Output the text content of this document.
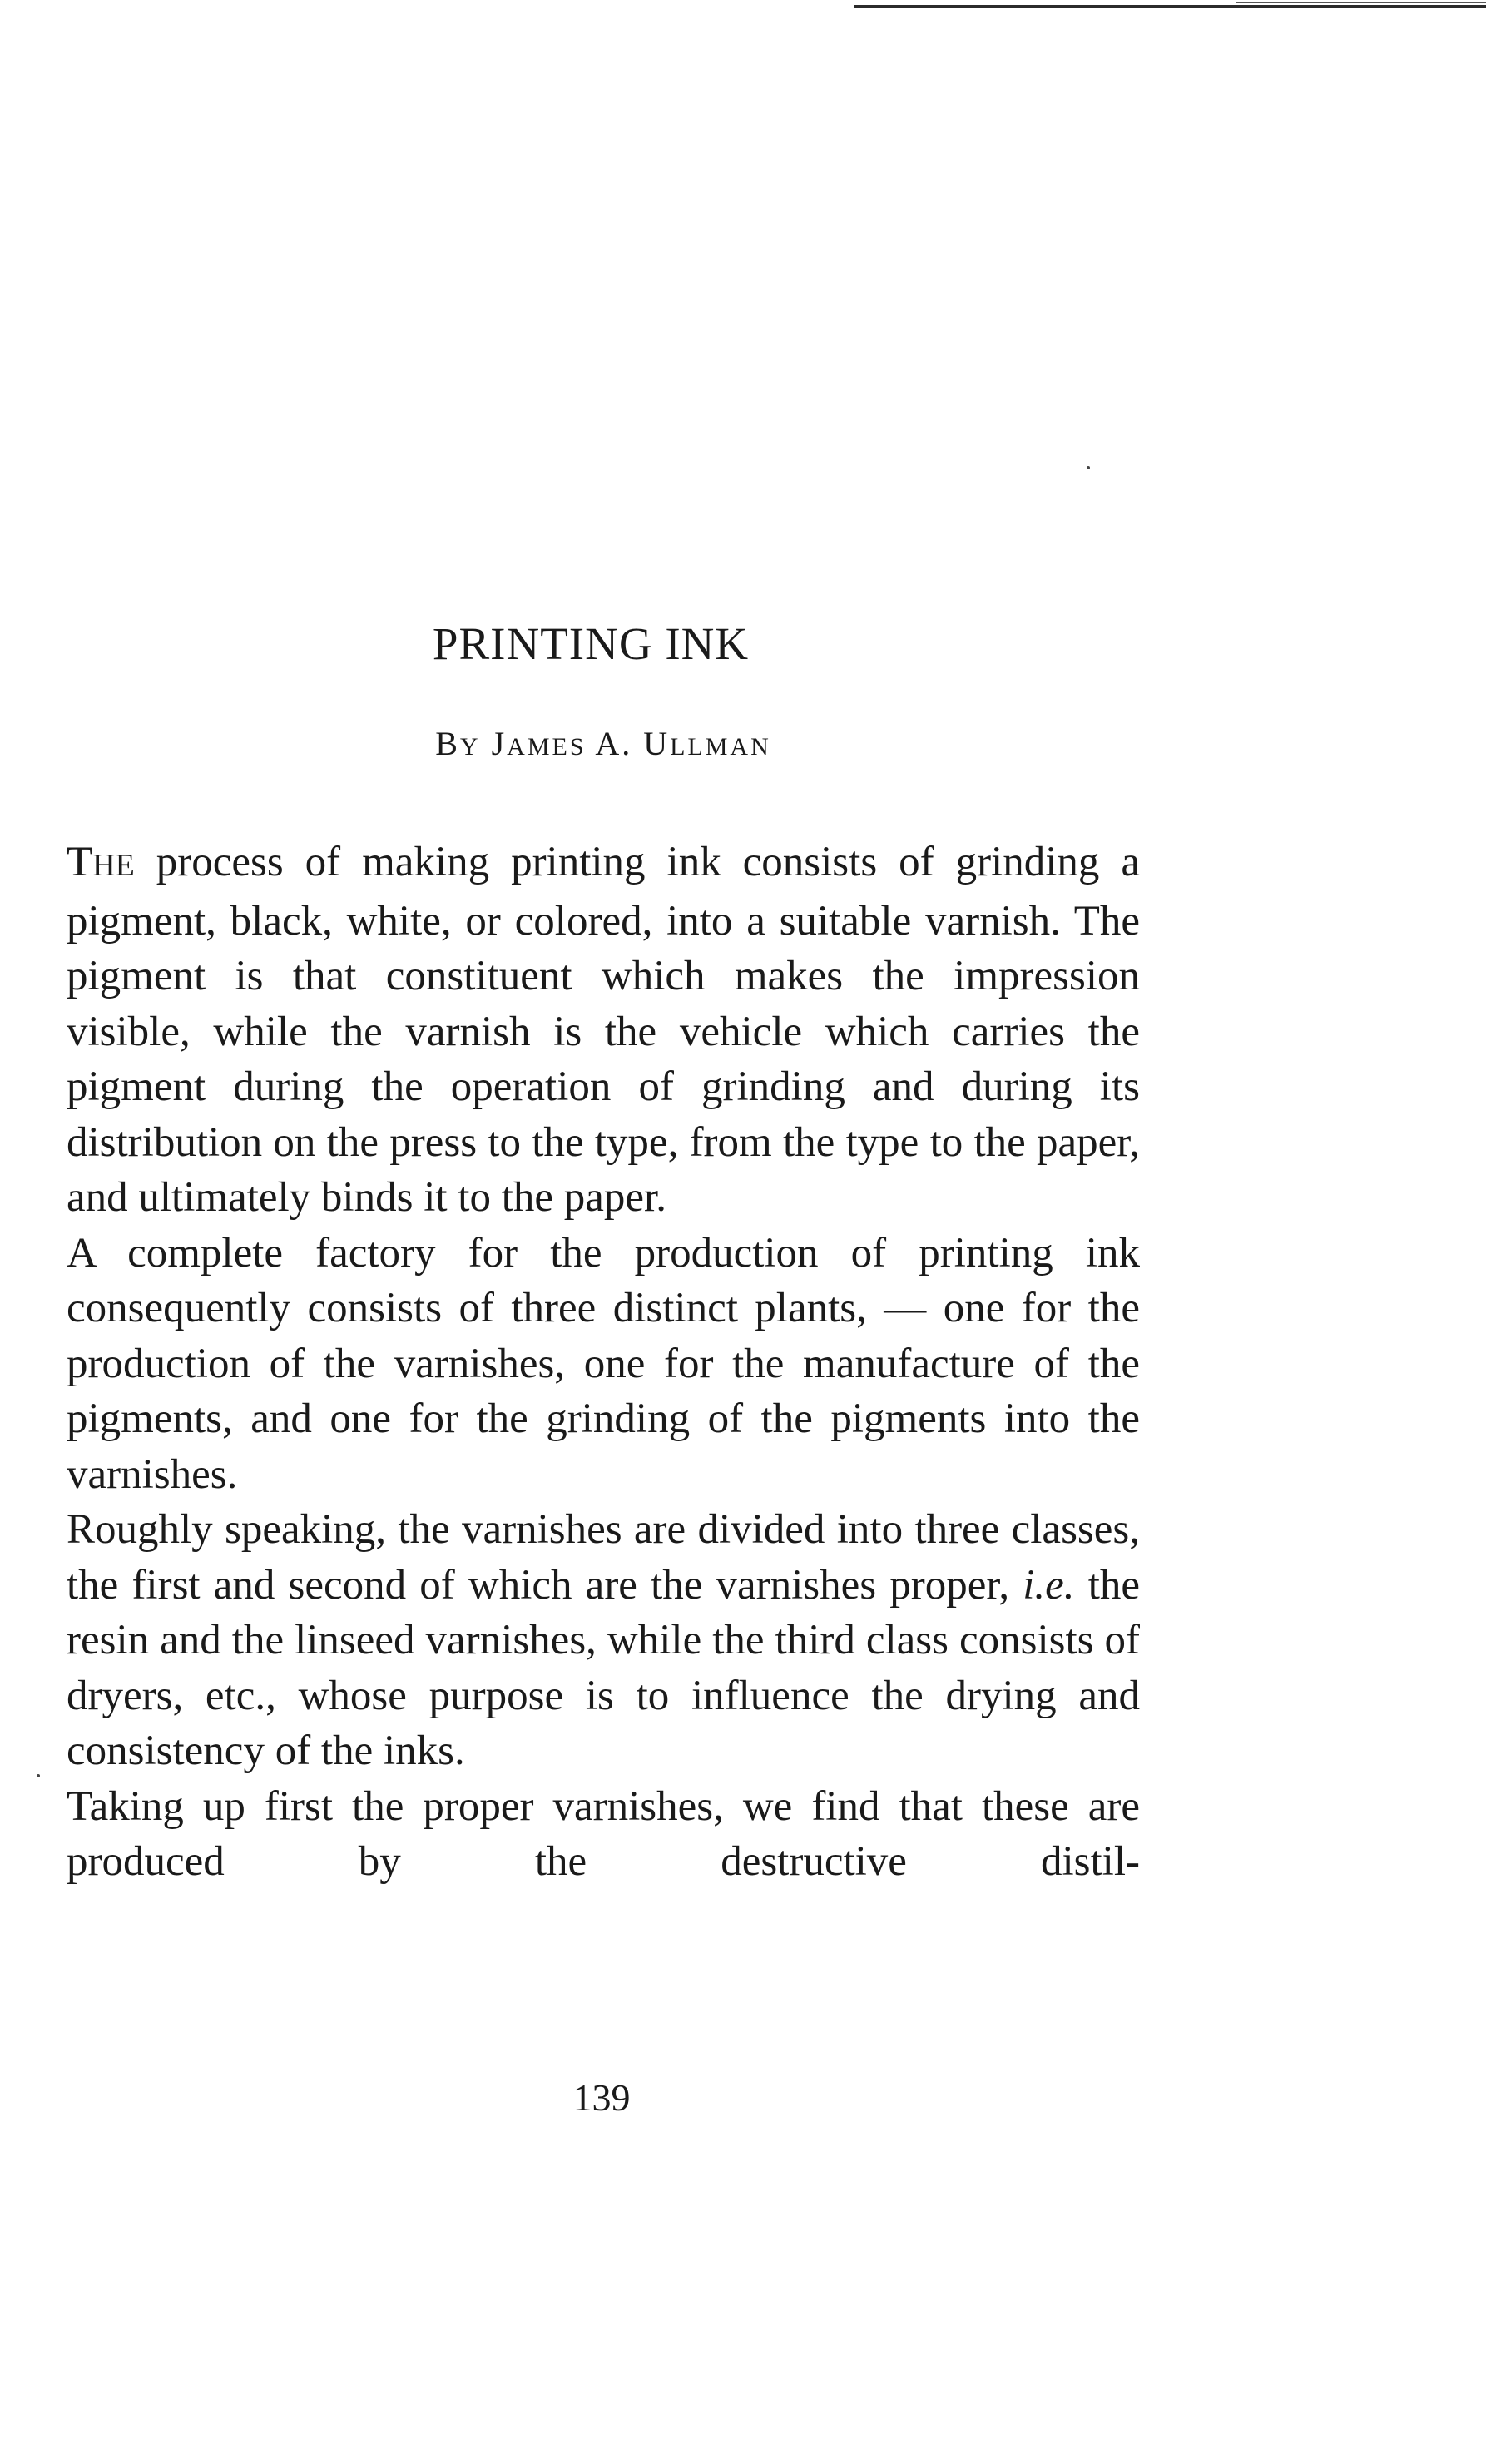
PRINTING INK

BY JAMES A. ULLMAN

THE process of making printing ink consists of grinding a pigment, black, white, or colored, into a suitable varnish. The pigment is that constituent which makes the impression visible, while the varnish is the vehicle which carries the pigment during the operation of grinding and during its distribution on the press to the type, from the type to the paper, and ultimately binds it to the paper.

A complete factory for the production of printing ink consequently consists of three distinct plants, — one for the production of the varnishes, one for the manufacture of the pigments, and one for the grinding of the pigments into the varnishes.

Roughly speaking, the varnishes are divided into three classes, the first and second of which are the varnishes proper, i.e. the resin and the linseed varnishes, while the third class consists of dryers, etc., whose purpose is to influence the drying and consistency of the inks.

Taking up first the proper varnishes, we find that these are produced by the destructive distil-

139
